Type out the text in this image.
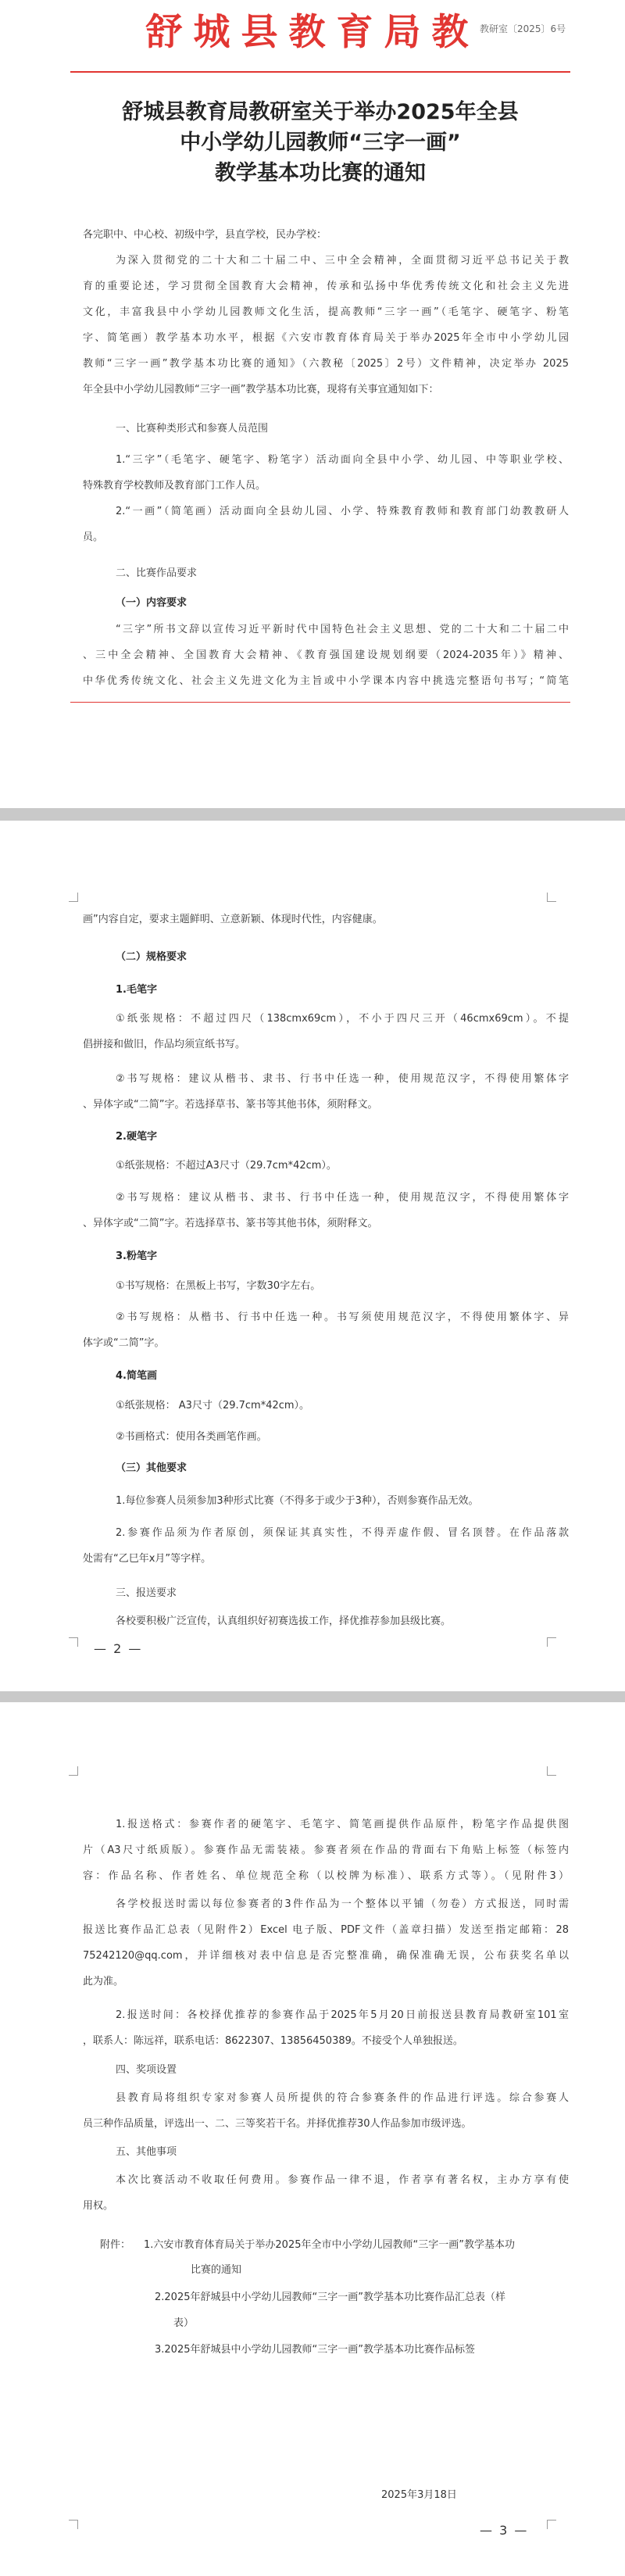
舒城县教育局教 教研室〔2025〕6号
舒城县教育局教研室关于举办2025年全县
中小学幼儿园教师“三字一画”
教学基本功比赛的通知
各完职中、中心校、初级中学，县直学校，民办学校：
为深入贯彻党的二十大和二十届二中、三中全会精神，全面贯彻习近平总书记关于教
育的重要论述，学习贯彻全国教育大会精神，传承和弘扬中华优秀传统文化和社会主义先进
文化，丰富我县中小学幼儿园教师文化生活，提高教师“三字一画”（毛笔字、硬笔字、粉笔
字、简笔画）教学基本功水平，根据《六安市教育体育局关于举办2025年全市中小学幼儿园
教师“三字一画”教学基本功比赛的通知》（六教秘〔2025〕2号）文件精神，决定举办 2025
年全县中小学幼儿园教师“三字一画”教学基本功比赛，现将有关事宜通知如下：
一、比赛种类形式和参赛人员范围
1.“三字”（毛笔字、硬笔字、粉笔字）活动面向全县中小学、幼儿园、中等职业学校、
特殊教育学校教师及教育部门工作人员。
2.“一画”（简笔画）活动面向全县幼儿园、小学、特殊教育教师和教育部门幼教教研人
员。
二、比赛作品要求
（一）内容要求
“三字”所书文辞以宣传习近平新时代中国特色社会主义思想、党的二十大和二十届二中
、三中全会精神、全国教育大会精神、《教育强国建设规划纲要（2024-2035年）》精神、
中华优秀传统文化、社会主义先进文化为主旨或中小学课本内容中挑选完整语句书写；“简笔
画”内容自定，要求主题鲜明、立意新颖、体现时代性，内容健康。
（二）规格要求
1.毛笔字
①纸张规格：不超过四尺（138cmx69cm），不小于四尺三开（46cmx69cm）。不提
倡拼接和做旧，作品均须宣纸书写。
②书写规格：建议从楷书、隶书、行书中任选一种，使用规范汉字，不得使用繁体字
、异体字或“二简”字。若选择草书、篆书等其他书体，须附释文。
2.硬笔字
①纸张规格：不超过A3尺寸（29.7cm*42cm）。
②书写规格：建议从楷书、隶书、行书中任选一种，使用规范汉字，不得使用繁体字
、异体字或“二简”字。若选择草书、篆书等其他书体，须附释文。
3.粉笔字
①书写规格：在黑板上书写，字数30字左右。
②书写规格：从楷书、行书中任选一种。书写须使用规范汉字，不得使用繁体字、异
体字或“二简”字。
4.简笔画
①纸张规格： A3尺寸（29.7cm*42cm）。
②书画格式：使用各类画笔作画。
（三）其他要求
1.每位参赛人员须参加3种形式比赛（不得多于或少于3种），否则参赛作品无效。
2.参赛作品须为作者原创，须保证其真实性，不得弄虚作假、冒名顶替。在作品落款
处需有“乙巳年x月”等字样。
三、报送要求
各校要积极广泛宣传，认真组织好初赛选拔工作，择优推荐参加县级比赛。
— 2 —
1.报送格式：参赛作者的硬笔字、毛笔字、简笔画提供作品原件，粉笔字作品提供图
片（A3尺寸纸质版）。参赛作品无需装裱。参赛者须在作品的背面右下角贴上标签（标签内
容：作品名称、作者姓名、单位规范全称（以校牌为标准）、联系方式等）。（见附件3）
各学校报送时需以每位参赛者的3件作品为一个整体以平铺（勿卷）方式报送，同时需
报送比赛作品汇总表（见附件2）Excel 电子版、PDF文件（盖章扫描）发送至指定邮箱：28
75242120@qq.com，并详细核对表中信息是否完整准确，确保准确无误，公布获奖名单以
此为准。
2.报送时间：各校择优推荐的参赛作品于2025年5月20日前报送县教育局教研室101室
，联系人：陈远祥，联系电话：8622307、13856450389。不接受个人单独报送。
四、奖项设置
县教育局将组织专家对参赛人员所提供的符合参赛条件的作品进行评选。综合参赛人
员三种作品质量，评选出一、二、三等奖若干名。并择优推荐30人作品参加市级评选。
五、其他事项
本次比赛活动不收取任何费用。参赛作品一律不退，作者享有著名权，主办方享有使
用权。
附件： 1.六安市教育体育局关于举办2025年全市中小学幼儿园教师“三字一画”教学基本功
比赛的通知
2.2025年舒城县中小学幼儿园教师“三字一画”教学基本功比赛作品汇总表（样
表）
3.2025年舒城县中小学幼儿园教师“三字一画”教学基本功比赛作品标签
2025年3月18日
— 3 —
